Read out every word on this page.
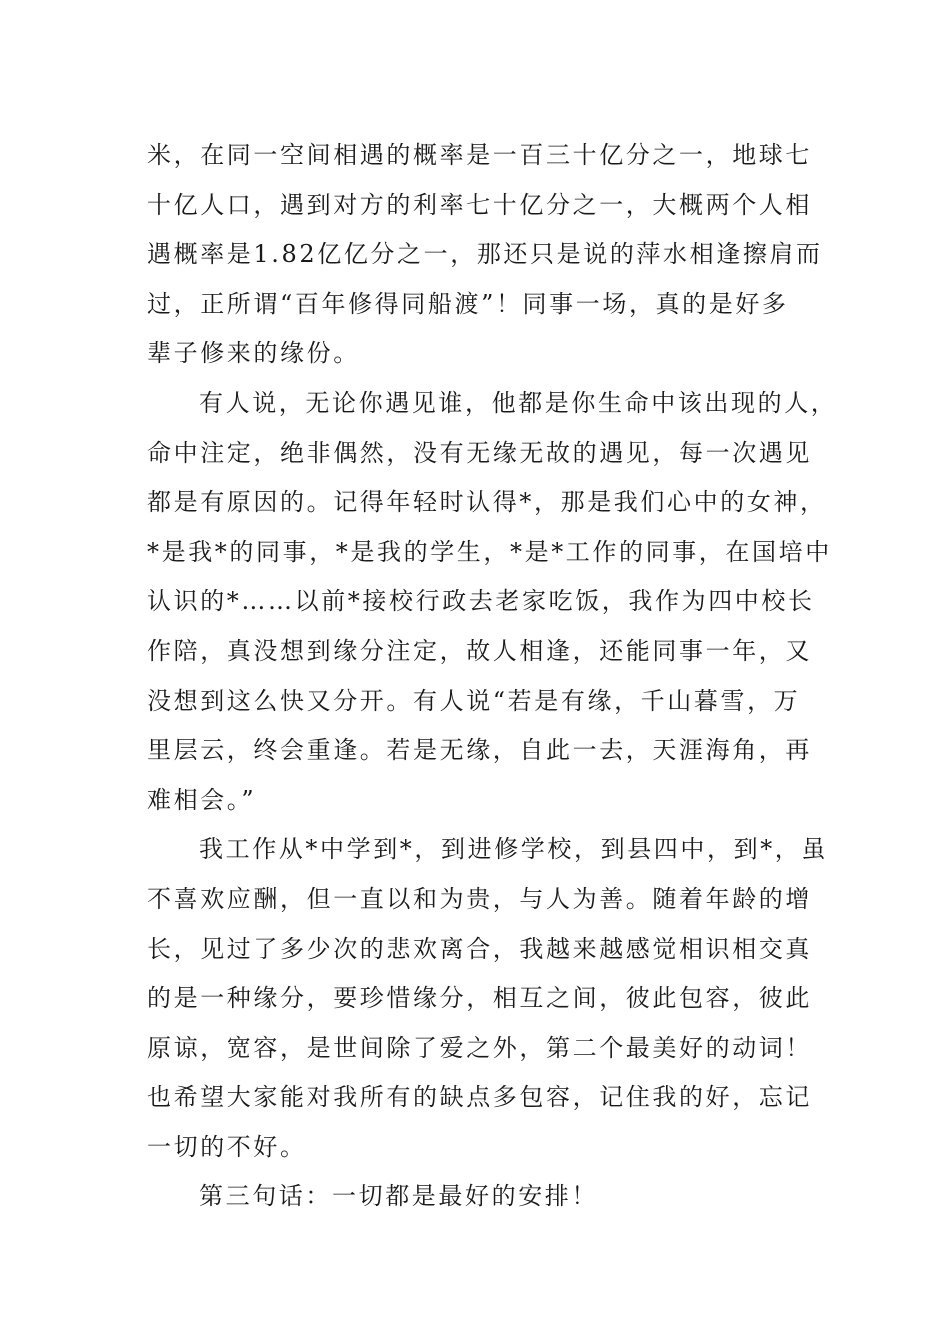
米，在同一空间相遇的概率是一百三十亿分之一，地球七
十亿人口，遇到对方的利率七十亿分之一，大概两个人相
遇概率是1.82亿亿分之一，那还只是说的萍水相逢擦肩而
过，正所谓“百年修得同船渡”！同事一场，真的是好多
辈子修来的缘份。
有人说，无论你遇见谁，他都是你生命中该出现的人，
命中注定，绝非偶然，没有无缘无故的遇见，每一次遇见
都是有原因的。记得年轻时认得*，那是我们心中的女神，
*是我*的同事，*是我的学生，*是*工作的同事，在国培中
认识的*……以前*接校行政去老家吃饭，我作为四中校长
作陪，真没想到缘分注定，故人相逢，还能同事一年，又
没想到这么快又分开。有人说“若是有缘，千山暮雪，万
里层云，终会重逢。若是无缘，自此一去，天涯海角，再
难相会。”
我工作从*中学到*，到进修学校，到县四中，到*，虽
不喜欢应酬，但一直以和为贵，与人为善。随着年龄的增
长，见过了多少次的悲欢离合，我越来越感觉相识相交真
的是一种缘分，要珍惜缘分，相互之间，彼此包容，彼此
原谅，宽容，是世间除了爱之外，第二个最美好的动词！
也希望大家能对我所有的缺点多包容，记住我的好，忘记
一切的不好。
第三句话：一切都是最好的安排！
